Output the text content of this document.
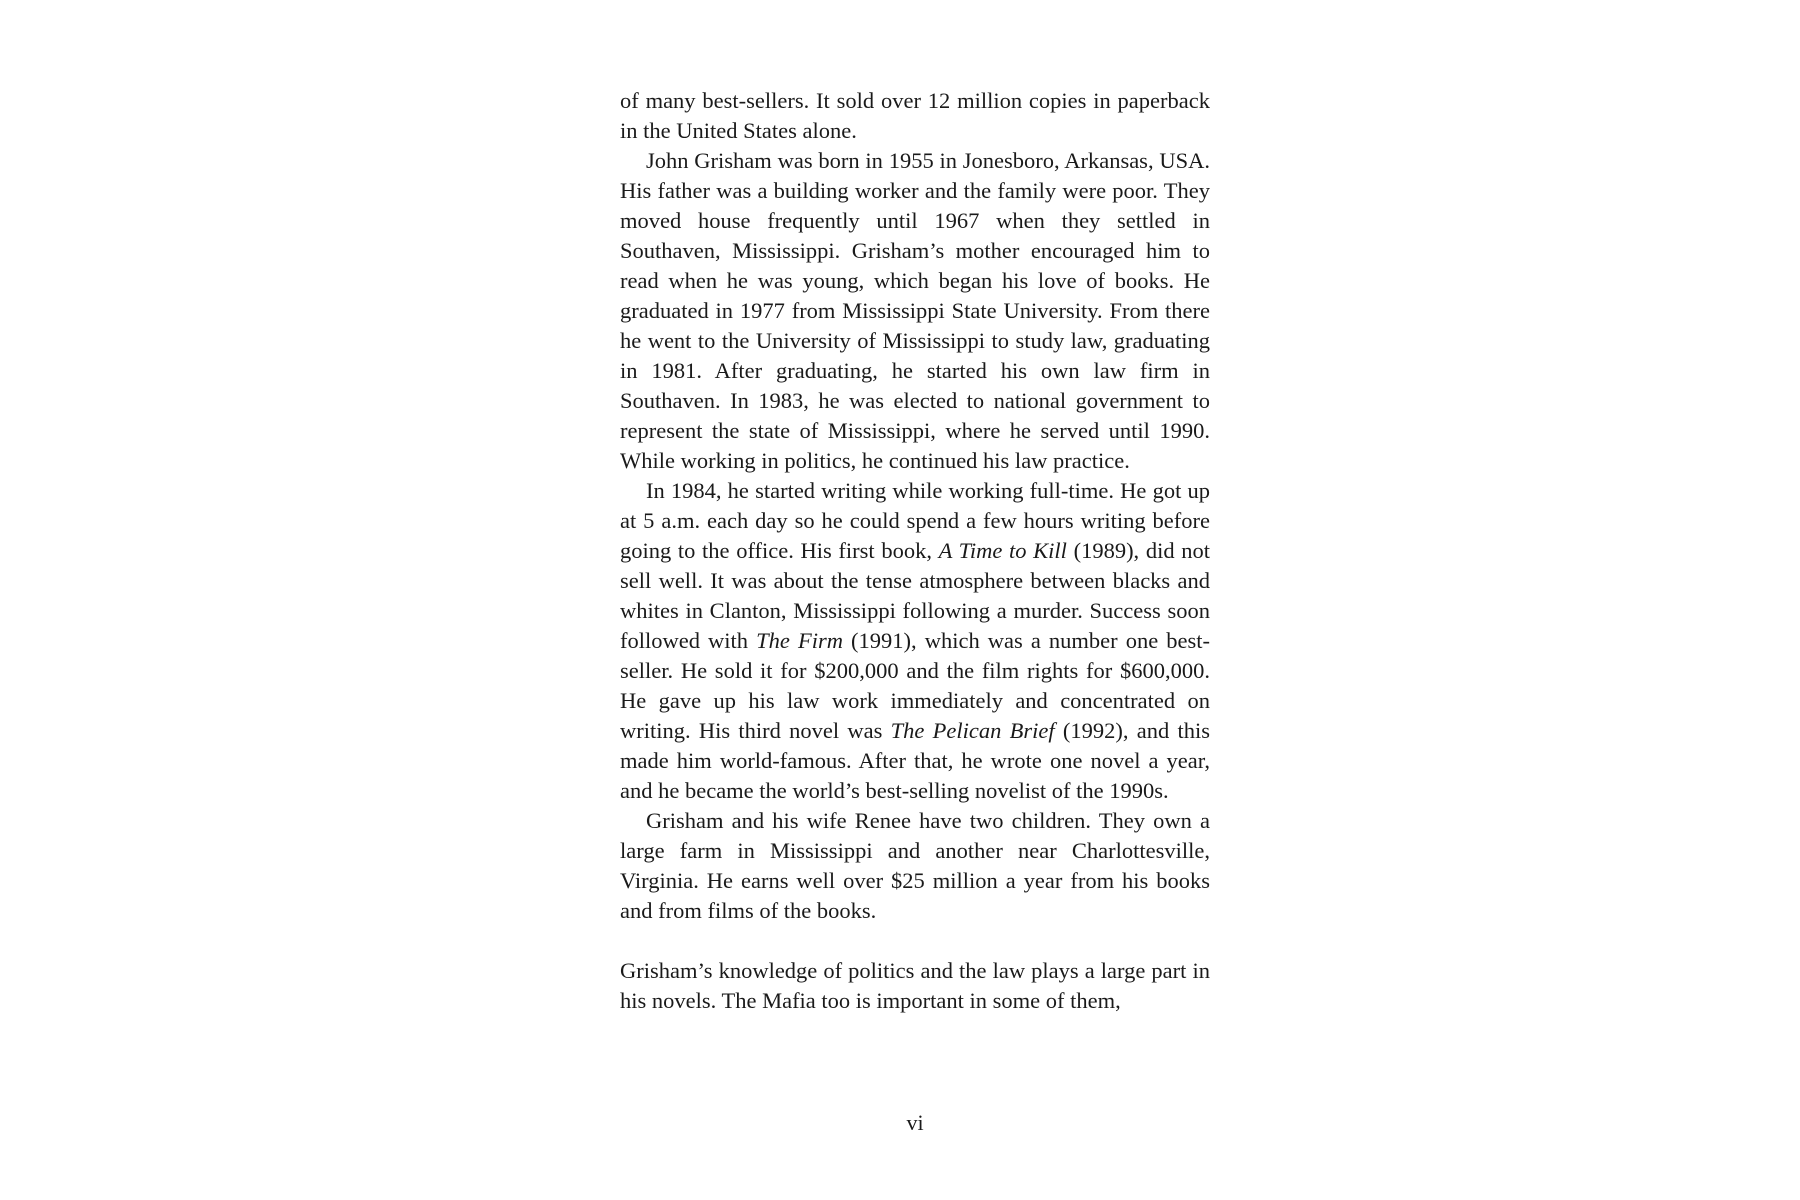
of many best-sellers. It sold over 12 million copies in paperback in the United States alone.

John Grisham was born in 1955 in Jonesboro, Arkansas, USA. His father was a building worker and the family were poor. They moved house frequently until 1967 when they settled in Southaven, Mississippi. Grisham’s mother encouraged him to read when he was young, which began his love of books. He graduated in 1977 from Mississippi State University. From there he went to the University of Mississippi to study law, graduating in 1981. After graduating, he started his own law firm in Southaven. In 1983, he was elected to national government to represent the state of Mississippi, where he served until 1990. While working in politics, he continued his law practice.

In 1984, he started writing while working full-time. He got up at 5 a.m. each day so he could spend a few hours writing before going to the office. His first book, A Time to Kill (1989), did not sell well. It was about the tense atmosphere between blacks and whites in Clanton, Mississippi following a murder. Success soon followed with The Firm (1991), which was a number one best-seller. He sold it for $200,000 and the film rights for $600,000. He gave up his law work immediately and concentrated on writing. His third novel was The Pelican Brief (1992), and this made him world-famous. After that, he wrote one novel a year, and he became the world’s best-selling novelist of the 1990s.

Grisham and his wife Renee have two children. They own a large farm in Mississippi and another near Charlottesville, Virginia. He earns well over $25 million a year from his books and from films of the books.

Grisham’s knowledge of politics and the law plays a large part in his novels. The Mafia too is important in some of them,

vi
